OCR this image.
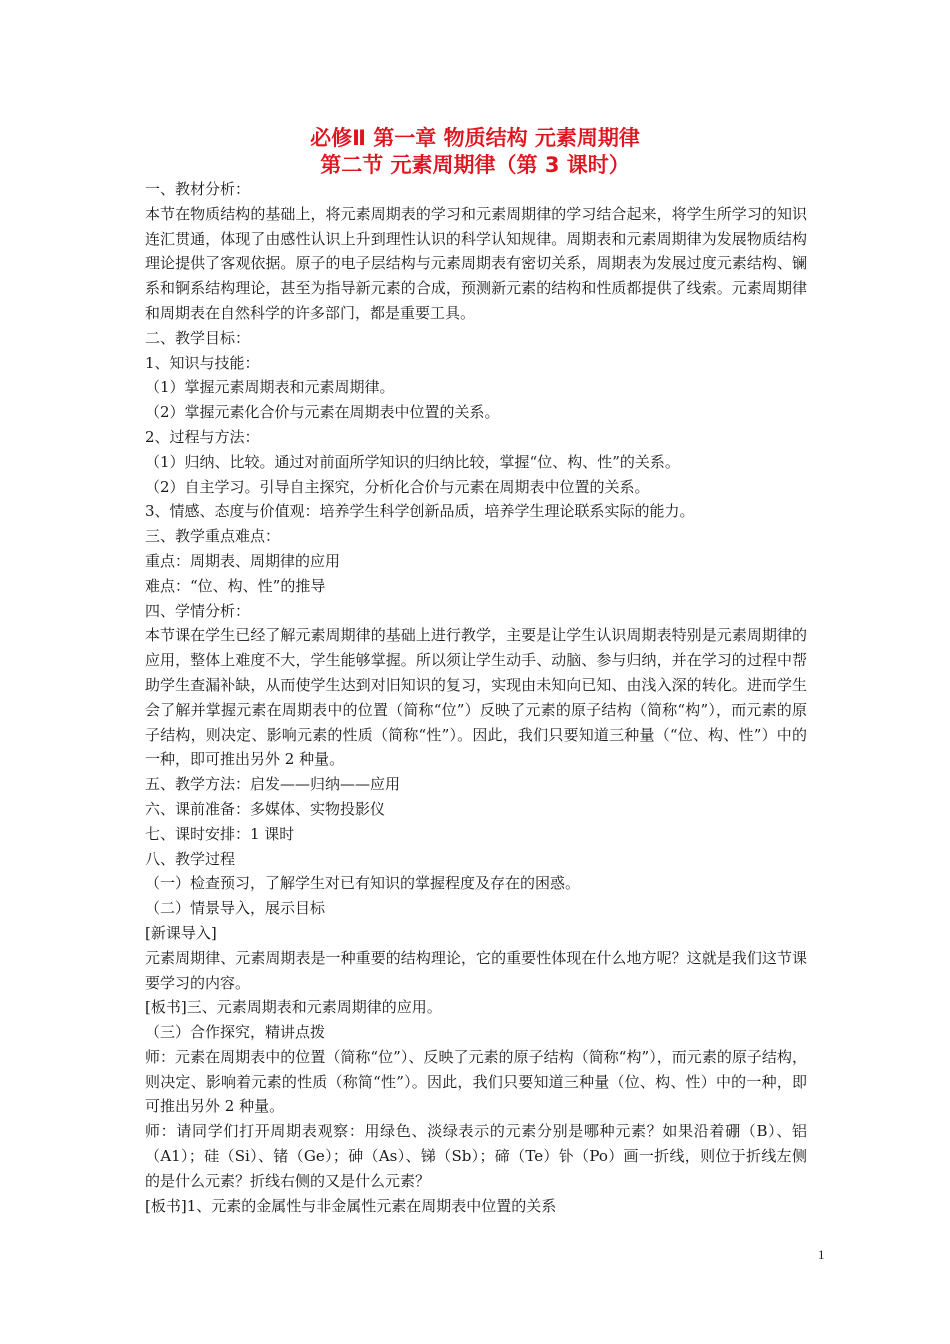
必修Ⅱ 第一章 物质结构 元素周期律
第二节 元素周期律（第 3 课时）

一、教材分析：

本节在物质结构的基础上，将元素周期表的学习和元素周期律的学习结合起来，将学生所学习的知识连汇贯通，体现了由感性认识上升到理性认识的科学认知规律。周期表和元素周期律为发展物质结构理论提供了客观依据。原子的电子层结构与元素周期表有密切关系，周期表为发展过度元素结构、镧系和锕系结构理论，甚至为指导新元素的合成，预测新元素的结构和性质都提供了线索。元素周期律和周期表在自然科学的许多部门，都是重要工具。

二、教学目标：

1、知识与技能：

（1）掌握元素周期表和元素周期律。

（2）掌握元素化合价与元素在周期表中位置的关系。

2、过程与方法：

（1）归纳、比较。通过对前面所学知识的归纳比较，掌握“位、构、性”的关系。

（2）自主学习。引导自主探究，分析化合价与元素在周期表中位置的关系。

3、情感、态度与价值观：培养学生科学创新品质，培养学生理论联系实际的能力。

三、教学重点难点：

重点：周期表、周期律的应用

难点：“位、构、性”的推导

四、学情分析：

本节课在学生已经了解元素周期律的基础上进行教学，主要是让学生认识周期表特别是元素周期律的应用，整体上难度不大，学生能够掌握。所以须让学生动手、动脑、参与归纳，并在学习的过程中帮助学生查漏补缺，从而使学生达到对旧知识的复习，实现由未知向已知、由浅入深的转化。进而学生会了解并掌握元素在周期表中的位置（简称“位”）反映了元素的原子结构（简称“构”），而元素的原子结构，则决定、影响元素的性质（简称“性”）。因此，我们只要知道三种量（“位、构、性”）中的一种，即可推出另外 2 种量。

五、教学方法：启发——归纳——应用

六、课前准备：多媒体、实物投影仪

七、课时安排：1 课时

八、教学过程

（一）检查预习，了解学生对已有知识的掌握程度及存在的困惑。

（二）情景导入，展示目标

[新课导入]

元素周期律、元素周期表是一种重要的结构理论，它的重要性体现在什么地方呢？这就是我们这节课要学习的内容。

[板书]三、元素周期表和元素周期律的应用。

（三）合作探究，精讲点拨

师：元素在周期表中的位置（简称“位”）、反映了元素的原子结构（简称“构”），而元素的原子结构，则决定、影响着元素的性质（称简“性”）。因此，我们只要知道三种量（位、构、性）中的一种，即可推出另外 2 种量。

师：请同学们打开周期表观察：用绿色、淡绿表示的元素分别是哪种元素？如果沿着硼（B）、铝（A1）；硅（Si）、锗（Ge）；砷（As）、锑（Sb）；碲（Te）钋（Po）画一折线，则位于折线左侧的是什么元素？折线右侧的又是什么元素？

[板书]1、元素的金属性与非金属性元素在周期表中位置的关系

1
